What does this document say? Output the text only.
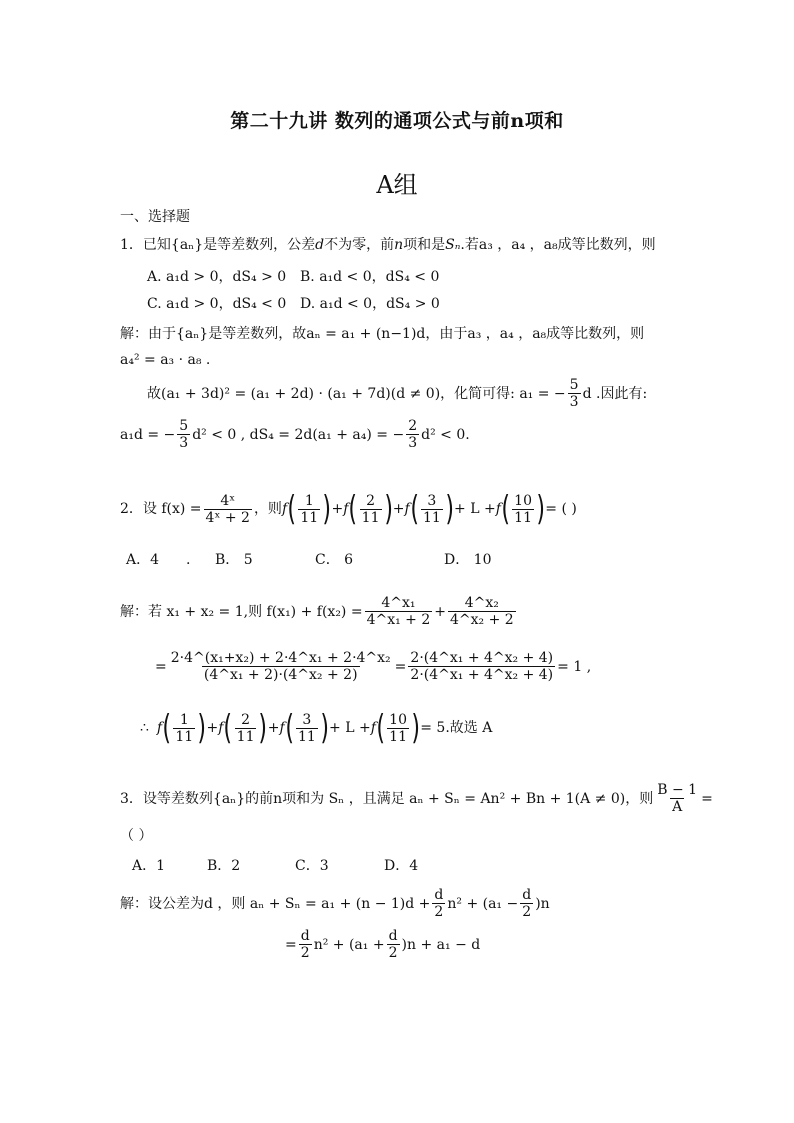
第二十九讲 数列的通项公式与前n项和
A组
一、选择题
1．已知{aₙ}是等差数列，公差d不为零，前n项和是Sₙ.若a₃ ，a₄ ，a₈成等比数列，则
A. a₁d > 0，dS₄ > 0 B. a₁d < 0，dS₄ < 0
C. a₁d > 0，dS₄ < 0 D. a₁d < 0，dS₄ > 0
解：由于{aₙ}是等差数列，故aₙ = a₁ + (n−1)d，由于a₃ ，a₄ ，a₈成等比数列，则
a₄² = a₃ · a₈ .
故(a₁ + 3d)² = (a₁ + 2d) · (a₁ + 7d)(d ≠ 0)，化简可得: a₁ = − $\frac{5}{3}$ d .因此有:
a₁d = − $\frac{5}{3} d^2 < 0$ , dS₄ = 2d(a₁ + a₄) = − $\frac{2}{3} d^2 < 0$.
2．设 $f(x) = \frac{\text{4ˣ}}{\text{4ˣ + 2}}$ ，则 f ( $\frac{1}{11}$ ) + f ( $\frac{2}{11}$ ) + f ( $\frac{3}{11}$ ) + L + f ( $\frac{10}{11}$ ) = ( )
A．4 . B． 5	C． 6	D． 10
解：若 x₁ + x₂ = 1,则 $f(x_1) + f(x_2) = \frac{\text{4\textasciicircum{}x₁}}{\text{4\textasciicircum{}x₁ + 2}} + \frac{\text{4\textasciicircum{}x₂}}{\text{4\textasciicircum{}x₂ + 2}}$
= $\frac{\text{2·4\textasciicircum{}(x₁+x₂) + 2·4\textasciicircum{}x₁ + 2·4\textasciicircum{}x₂}}{\text{(4\textasciicircum{}x₁ + 2)·(4\textasciicircum{}x₂ + 2)}} = \frac{\text{2·(4\textasciicircum{}x₁ + 4\textasciicircum{}x₂ + 4)}}{\text{2·(4\textasciicircum{}x₁ + 4\textasciicircum{}x₂ + 4)}} = 1$ ,
∴ f ( $\frac{1}{11}$ ) + f ( $\frac{2}{11}$ ) + f ( $\frac{3}{11}$ ) + L + f ( $\frac{10}{11}$ ) = 5.故选 A
3．设等差数列{aₙ}的前n项和为 Sₙ ，且满足 aₙ + Sₙ = An² + Bn + 1(A ≠ 0)，则 $\frac{B - 1}{A}$ =
（ ）
A．1	B．2	C．3	D．4
解：设公差为d ，则 $a_n + S_n = a_1 + (n - 1)d + \frac{d}{2} n^2 + (a_1 - \frac{d}{2} )n$
= $\frac{d}{2} n^2 + (a_1 + \frac{d}{2} )n + a_1 - d$
